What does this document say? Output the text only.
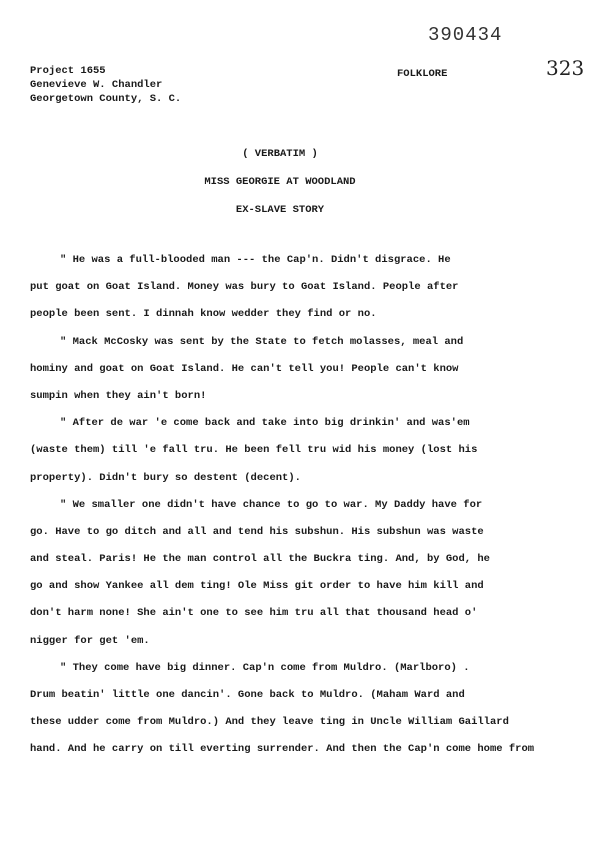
390434
323
FOLKLORE
Project 1655
Genevieve W. Chandler
Georgetown County, S. C.
( VERBATIM )
MISS GEORGIE AT WOODLAND
EX-SLAVE STORY
" He was a full-blooded man --- the Cap'n. Didn't disgrace. He
put goat on Goat Island. Money was bury to Goat Island. People after
people been sent. I dinnah know wedder they find or no.
" Mack McCosky was sent by the State to fetch molasses, meal and
hominy and goat on Goat Island. He can't tell you! People can't know
sumpin when they ain't born!
" After de war 'e come back and take into big drinkin' and was'em
(waste them) till 'e fall tru. He been fell tru wid his money (lost his
property). Didn't bury so destent (decent).
" We smaller one didn't have chance to go to war. My Daddy have for
go. Have to go ditch and all and tend his subshun. His subshun was waste
and steal. Paris! He the man control all the Buckra ting. And, by God, he
go and show Yankee all dem ting! Ole Miss git order to have him kill and
don't harm none! She ain't one to see him tru all that thousand head o'
nigger for get 'em.
" They come have big dinner. Cap'n come from Muldro. (Marlboro) .
Drum beatin' little one dancin'. Gone back to Muldro. (Maham Ward and
these udder come from Muldro.) And they leave ting in Uncle William Gaillard
hand. And he carry on till everting surrender. And then the Cap'n come home from
